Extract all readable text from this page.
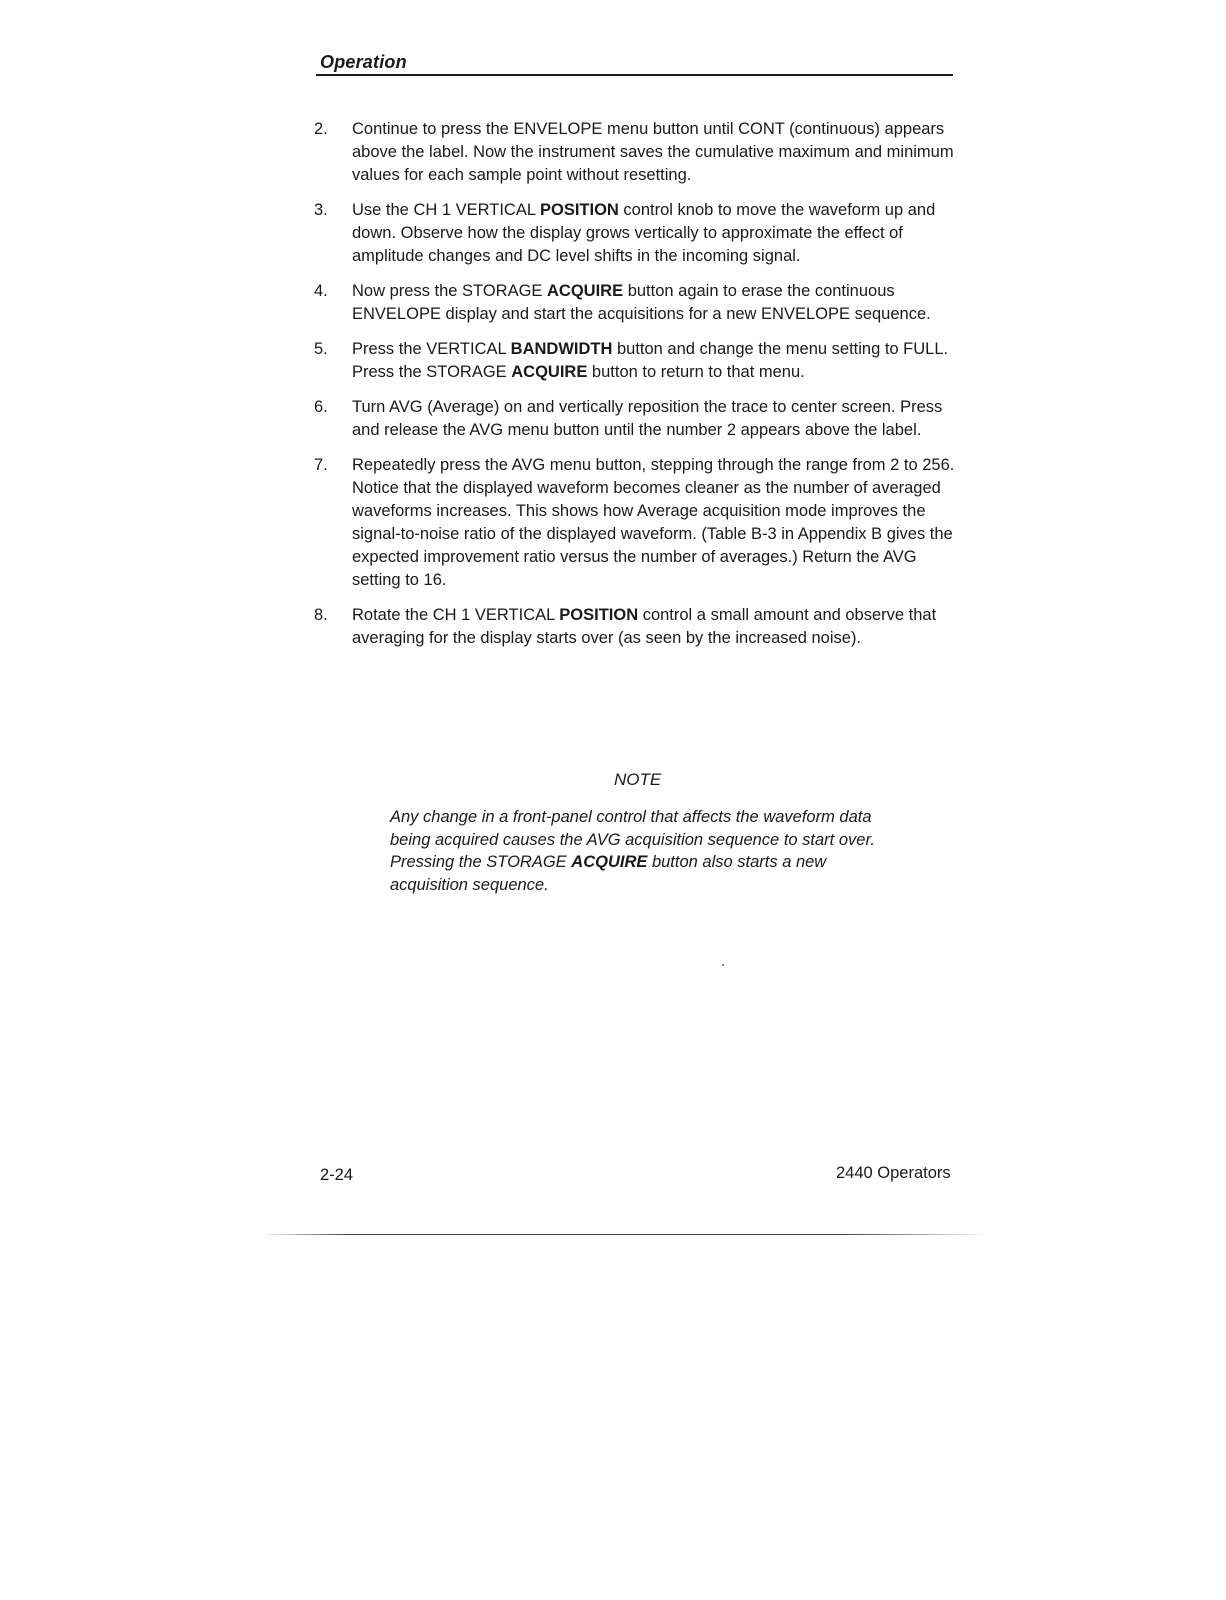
Operation
2. Continue to press the ENVELOPE menu button until CONT (continuous) appears above the label. Now the instrument saves the cumulative maximum and minimum values for each sample point without resetting.
3. Use the CH 1 VERTICAL POSITION control knob to move the waveform up and down. Observe how the display grows vertically to approximate the effect of amplitude changes and DC level shifts in the incoming signal.
4. Now press the STORAGE ACQUIRE button again to erase the continuous ENVELOPE display and start the acquisitions for a new ENVELOPE sequence.
5. Press the VERTICAL BANDWIDTH button and change the menu setting to FULL. Press the STORAGE ACQUIRE button to return to that menu.
6. Turn AVG (Average) on and vertically reposition the trace to center screen. Press and release the AVG menu button until the number 2 appears above the label.
7. Repeatedly press the AVG menu button, stepping through the range from 2 to 256. Notice that the displayed waveform becomes cleaner as the number of averaged waveforms increases. This shows how Average acquisition mode improves the signal-to-noise ratio of the displayed waveform. (Table B-3 in Appendix B gives the expected improvement ratio versus the number of averages.) Return the AVG setting to 16.
8. Rotate the CH 1 VERTICAL POSITION control a small amount and observe that averaging for the display starts over (as seen by the increased noise).
NOTE
Any change in a front-panel control that affects the waveform data being acquired causes the AVG acquisition sequence to start over. Pressing the STORAGE ACQUIRE button also starts a new acquisition sequence.
2-24	2440 Operators
